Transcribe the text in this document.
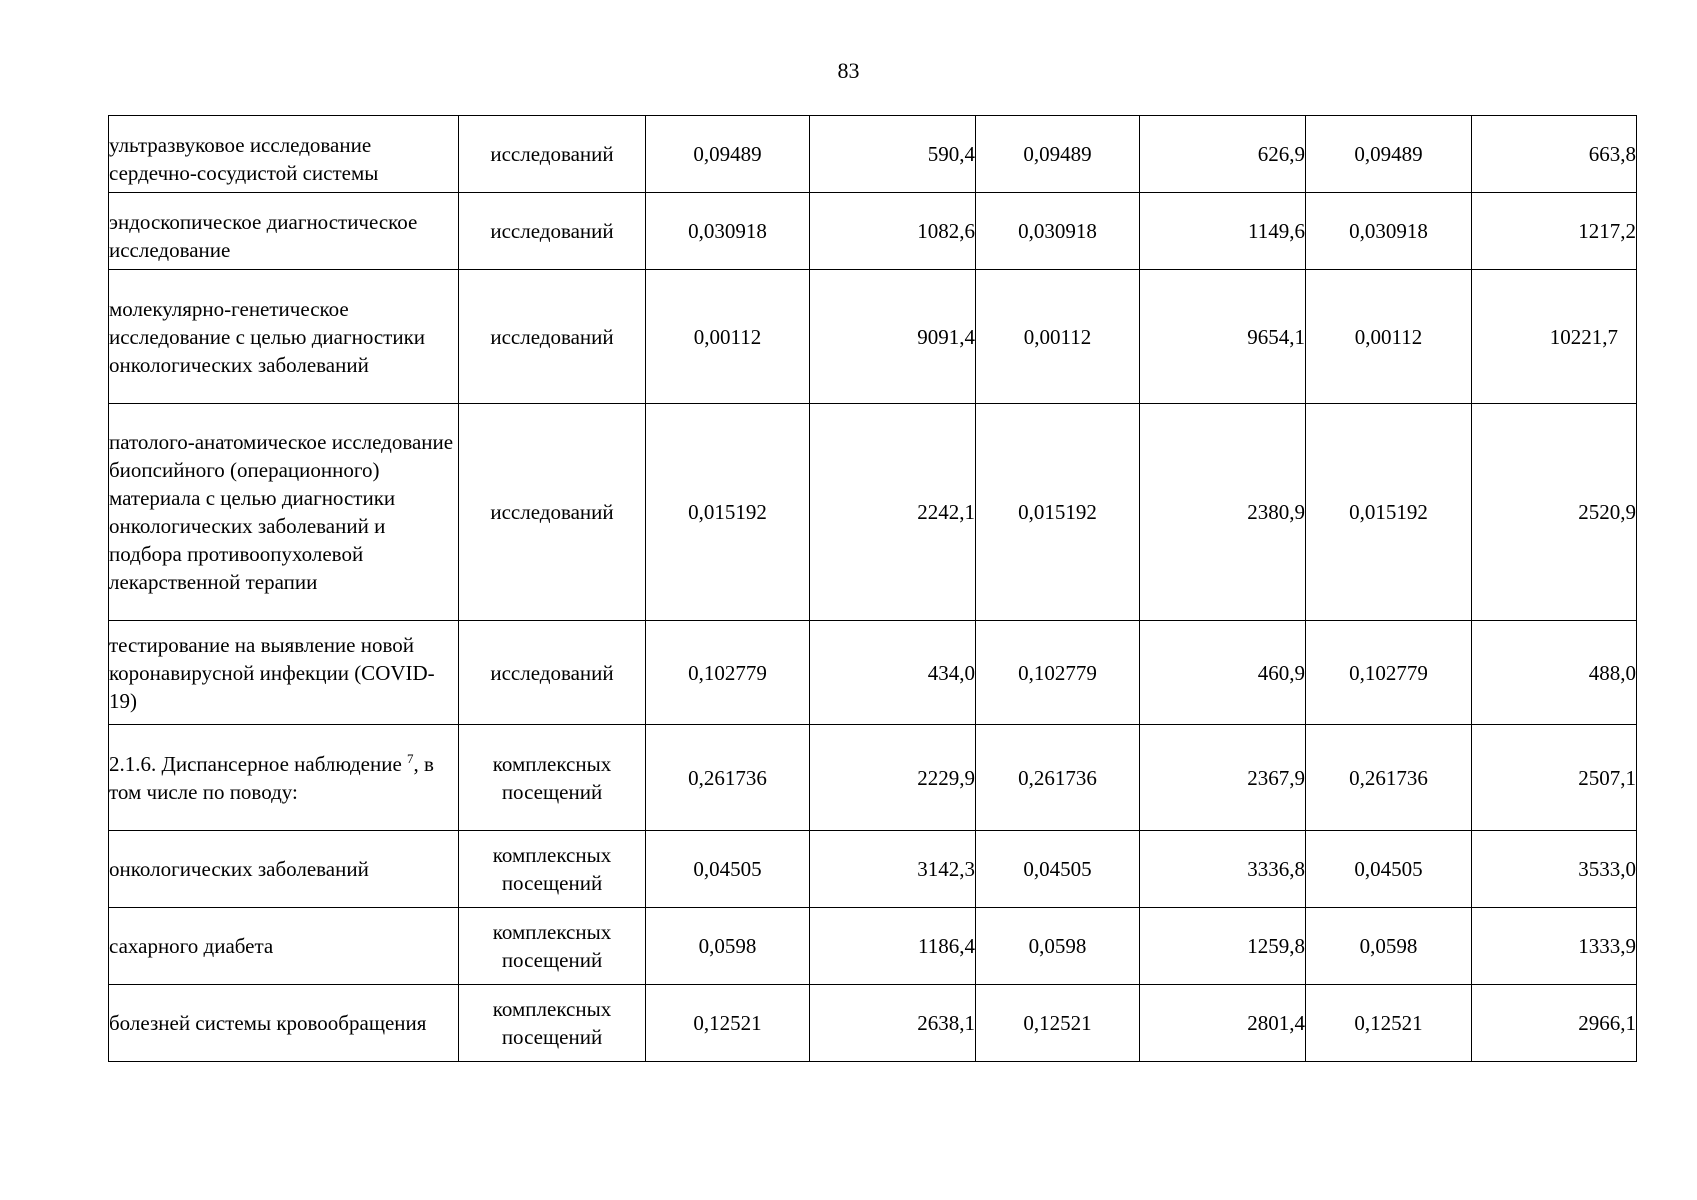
83
ультразвуковое исследование сердечно-сосудистой системы	исследований	0,09489	590,4	0,09489	626,9	0,09489	663,8
эндоскопическое диагностическое исследование	исследований	0,030918	1082,6	0,030918	1149,6	0,030918	1217,2
молекулярно-генетическое исследование с целью диагностики онкологических заболеваний	исследований	0,00112	9091,4	0,00112	9654,1	0,00112	10221,7
патолого-анатомическое исследование биопсийного (операционного) материала с целью диагностики онкологических заболеваний и подбора противоопухолевой лекарственной терапии	исследований	0,015192	2242,1	0,015192	2380,9	0,015192	2520,9
тестирование на выявление новой коронавирусной инфекции (COVID-19)	исследований	0,102779	434,0	0,102779	460,9	0,102779	488,0
2.1.6. Диспансерное наблюдение $^7$, в том числе по поводу:	комплексных посещений	0,261736	2229,9	0,261736	2367,9	0,261736	2507,1
онкологических заболеваний	комплексных посещений	0,04505	3142,3	0,04505	3336,8	0,04505	3533,0
сахарного диабета	комплексных посещений	0,0598	1186,4	0,0598	1259,8	0,0598	1333,9
болезней системы кровообращения	комплексных посещений	0,12521	2638,1	0,12521	2801,4	0,12521	2966,1
